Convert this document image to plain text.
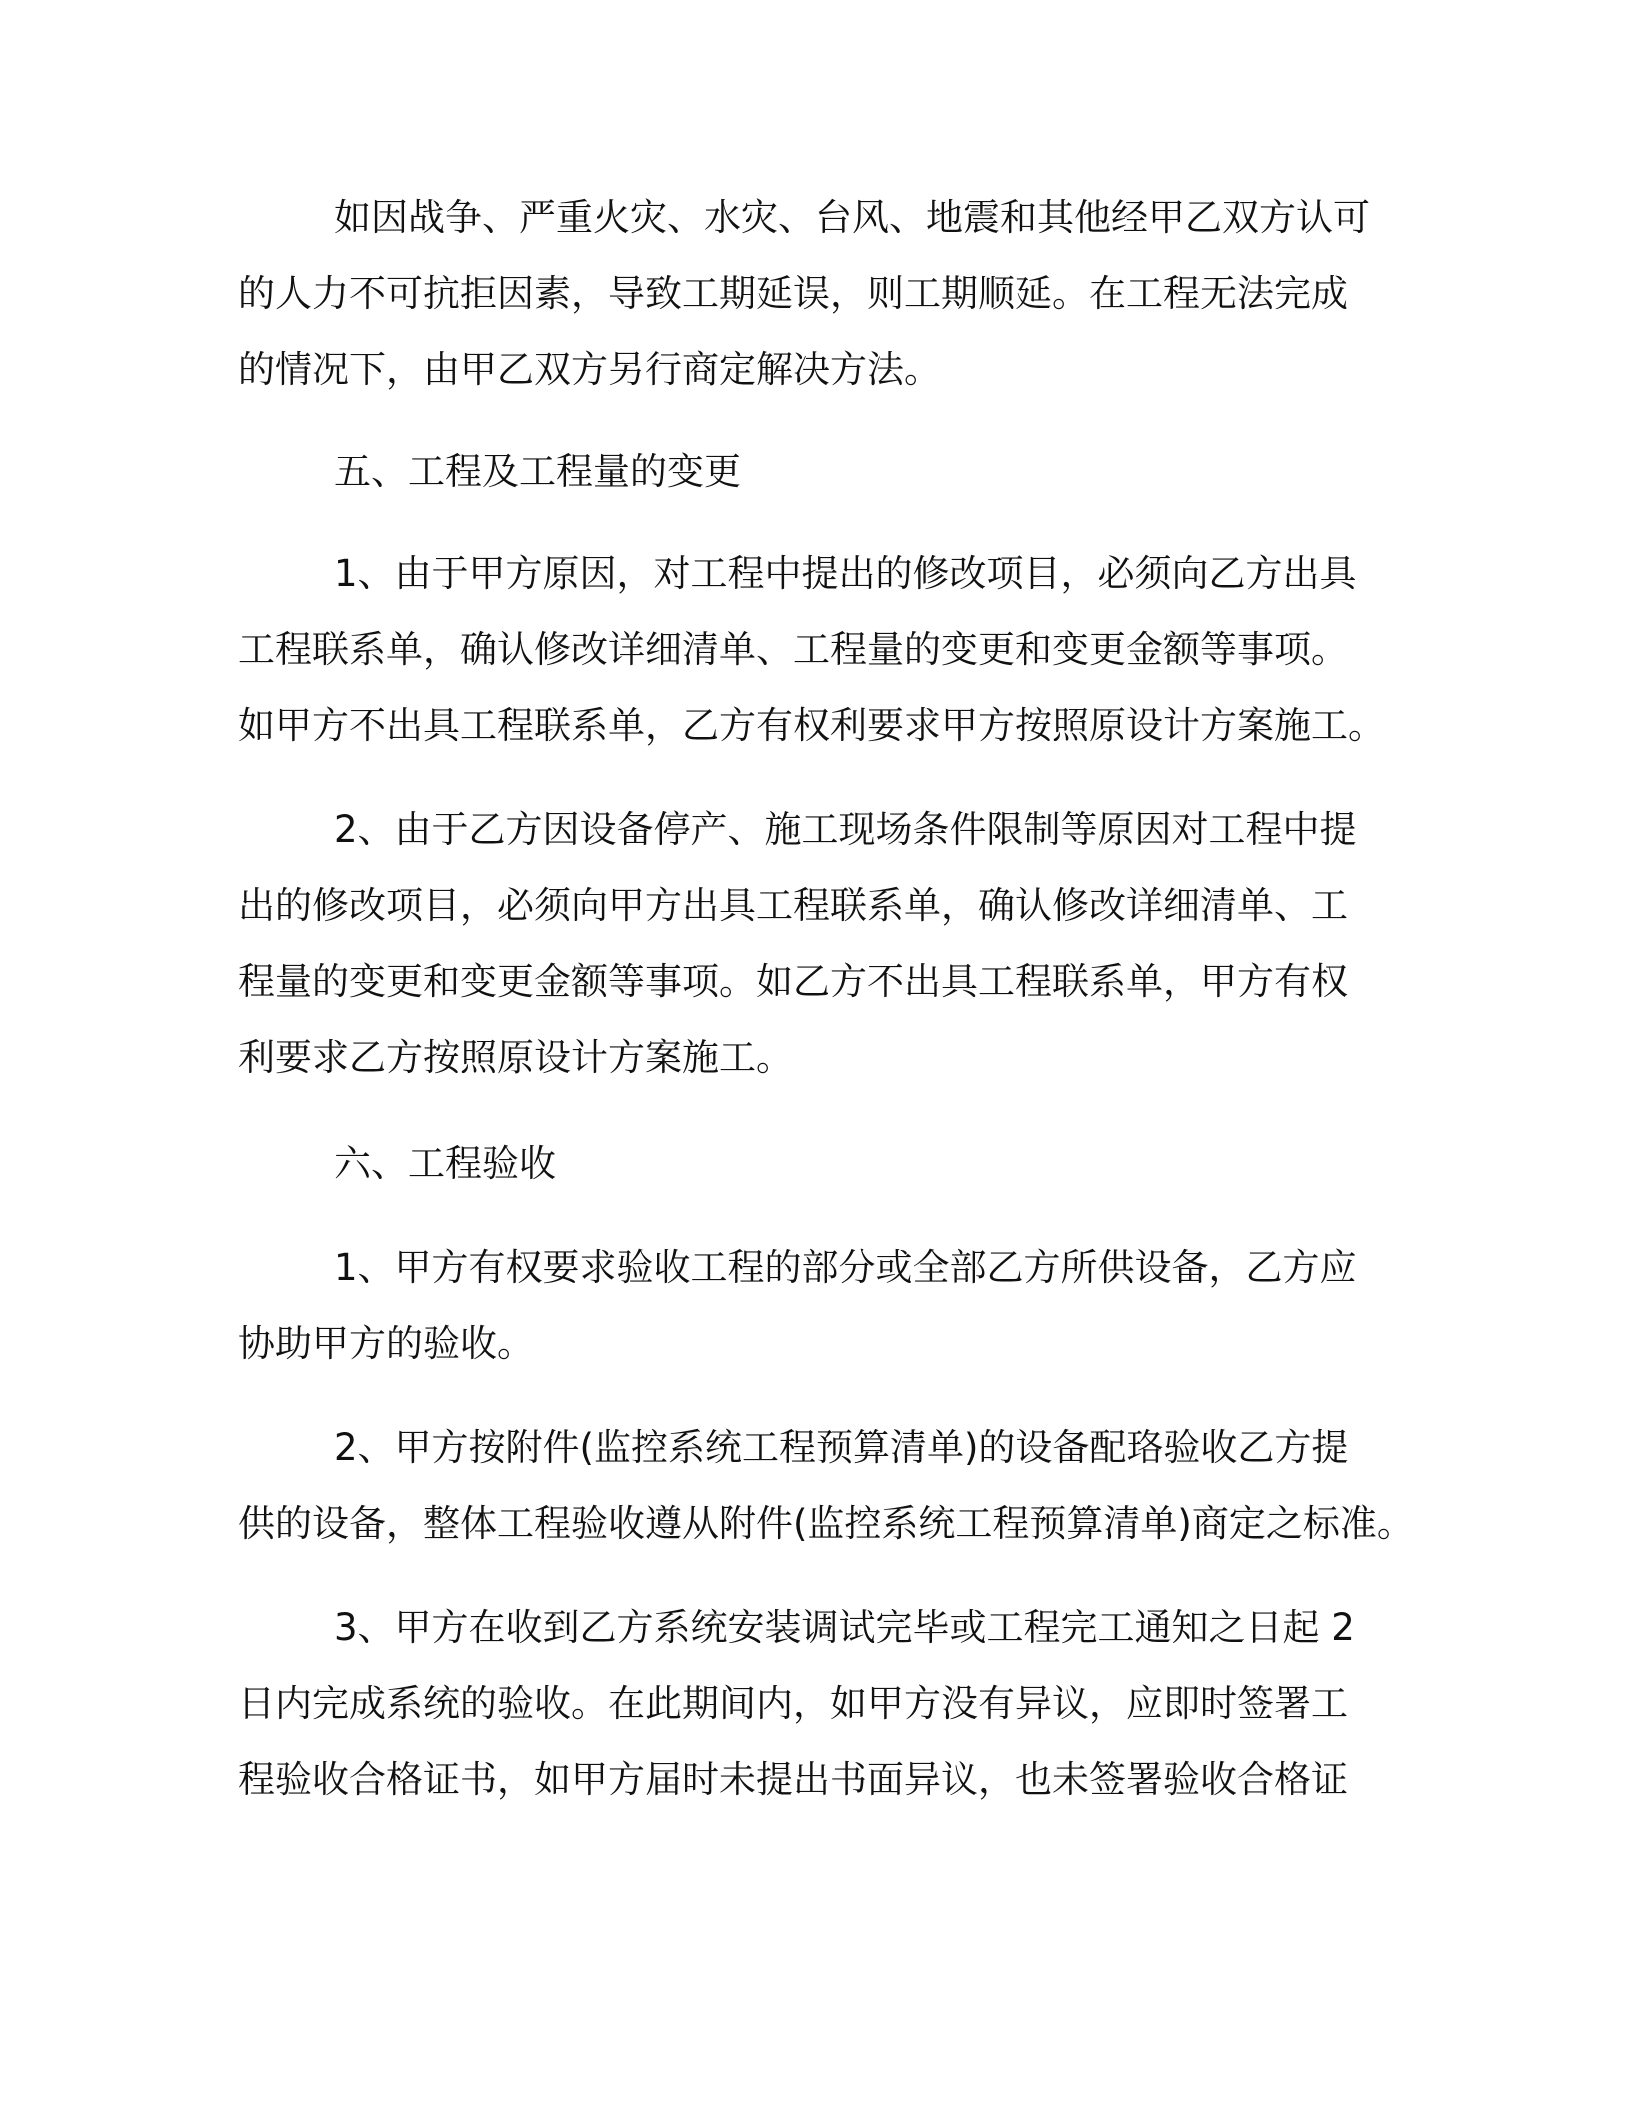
如因战争、严重火灾、水灾、台风、地震和其他经甲乙双方认可

的人力不可抗拒因素，导致工期延误，则工期顺延。在工程无法完成

的情况下，由甲乙双方另行商定解决方法。

五、工程及工程量的变更

1、由于甲方原因，对工程中提出的修改项目，必须向乙方出具

工程联系单，确认修改详细清单、工程量的变更和变更金额等事项。

如甲方不出具工程联系单，乙方有权利要求甲方按照原设计方案施工。

2、由于乙方因设备停产、施工现场条件限制等原因对工程中提

出的修改项目，必须向甲方出具工程联系单，确认修改详细清单、工

程量的变更和变更金额等事项。如乙方不出具工程联系单，甲方有权

利要求乙方按照原设计方案施工。

六、工程验收

1、甲方有权要求验收工程的部分或全部乙方所供设备，乙方应

协助甲方的验收。

2、甲方按附件(监控系统工程预算清单)的设备配珞验收乙方提

供的设备，整体工程验收遵从附件(监控系统工程预算清单)商定之标准。

3、甲方在收到乙方系统安装调试完毕或工程完工通知之日起 2

日内完成系统的验收。在此期间内，如甲方没有异议，应即时签署工

程验收合格证书，如甲方届时未提出书面异议，也未签署验收合格证
